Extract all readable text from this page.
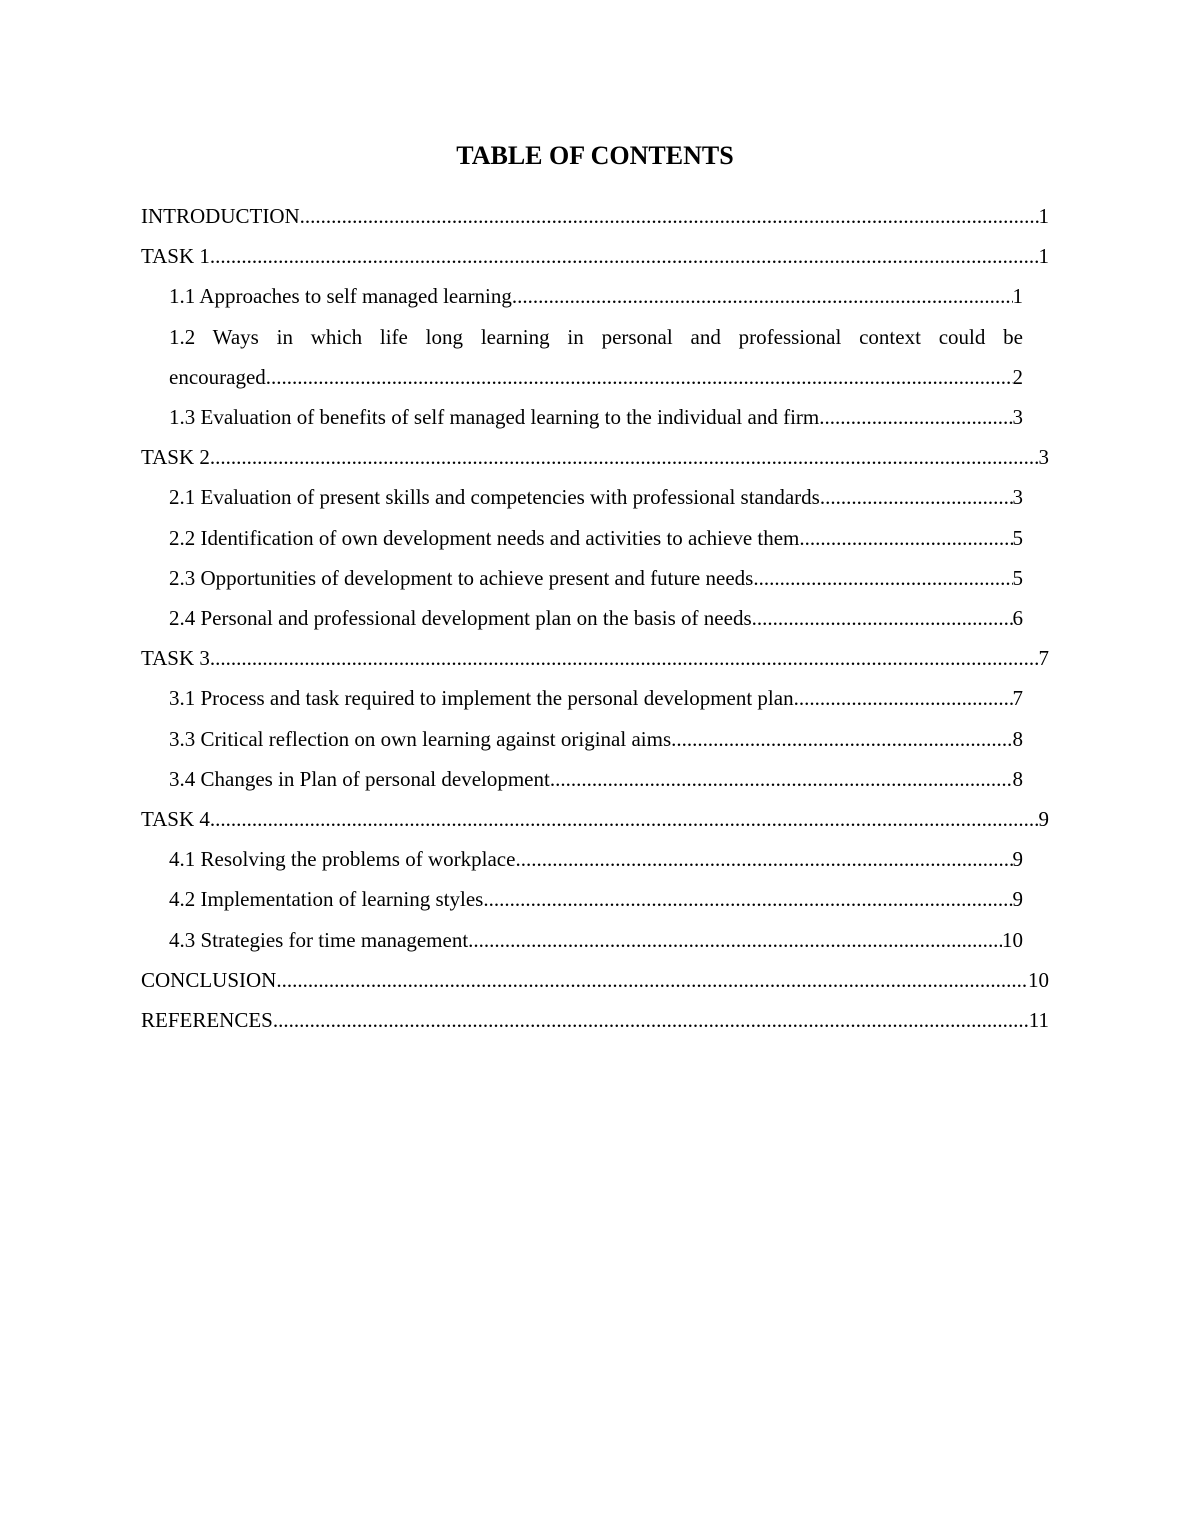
TABLE OF CONTENTS
INTRODUCTION .....	1
TASK 1 .....	1
1.1 Approaches to self managed learning .....	1
1.2 Ways in which life long learning in personal and professional context could be
encouraged .....	2
1.3 Evaluation of benefits of self managed learning to the individual and firm .....	3
TASK 2 .....	3
2.1 Evaluation of present skills and competencies with professional standards .....	3
2.2 Identification of own development needs and activities to achieve them .....	5
2.3 Opportunities of development to achieve present and future needs .....	5
2.4 Personal and professional development plan on the basis of needs .....	6
TASK 3 .....	7
3.1 Process and task required to implement the personal development plan .....	7
3.3 Critical reflection on own learning against original aims .....	8
3.4 Changes in Plan of personal development .....	8
TASK 4 .....	9
4.1 Resolving the problems of workplace .....	9
4.2 Implementation of learning styles .....	9
4.3 Strategies for time management .....	10
CONCLUSION .....	10
REFERENCES .....	11
